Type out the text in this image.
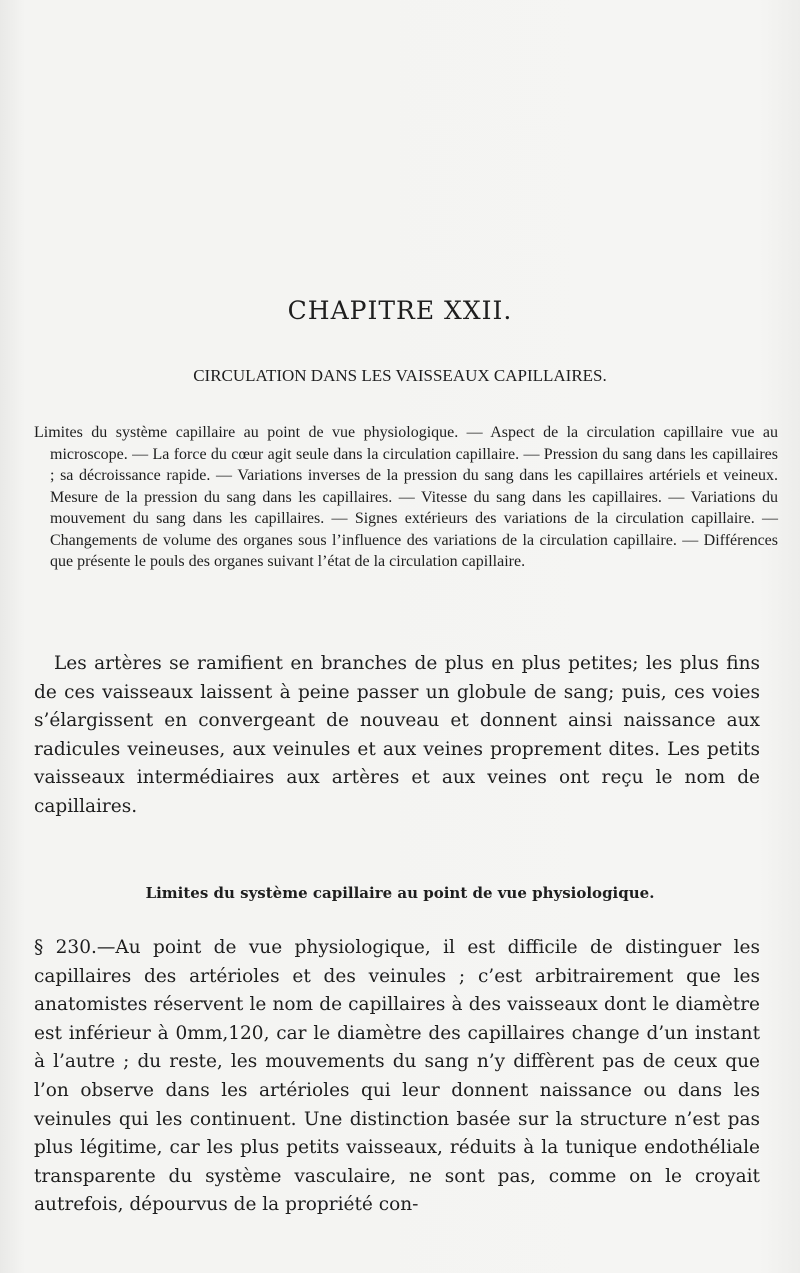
CHAPITRE XXII.
CIRCULATION DANS LES VAISSEAUX CAPILLAIRES.

Limites du système capillaire au point de vue physiologique. — Aspect de la circulation capillaire vue au microscope. — La force du cœur agit seule dans la circulation capillaire. — Pression du sang dans les capillaires ; sa décroissance rapide. — Variations inverses de la pression du sang dans les capillaires artériels et veineux. Mesure de la pression du sang dans les capillaires. — Vitesse du sang dans les capillaires. — Variations du mouvement du sang dans les capillaires. — Signes extérieurs des variations de la circulation capillaire. — Changements de volume des organes sous l’influence des variations de la circulation capillaire. — Différences que présente le pouls des organes suivant l’état de la circulation capillaire.

Les artères se ramifient en branches de plus en plus petites; les plus fins de ces vaisseaux laissent à peine passer un globule de sang; puis, ces voies s’élargissent en convergeant de nouveau et donnent ainsi naissance aux radicules veineuses, aux veinules et aux veines proprement dites. Les petits vaisseaux intermédiaires aux artères et aux veines ont reçu le nom de capillaires.

Limites du système capillaire au point de vue physiologique.

§ 230.—Au point de vue physiologique, il est difficile de distinguer les capillaires des artérioles et des veinules ; c’est arbitrairement que les anatomistes réservent le nom de capillaires à des vaisseaux dont le diamètre est inférieur à 0mm,120, car le diamètre des capillaires change d’un instant à l’autre ; du reste, les mouvements du sang n’y diffèrent pas de ceux que l’on observe dans les artérioles qui leur donnent naissance ou dans les veinules qui les continuent. Une distinction basée sur la structure n’est pas plus légitime, car les plus petits vaisseaux, réduits à la tunique endothéliale transparente du système vasculaire, ne sont pas, comme on le croyait autrefois, dépourvus de la propriété con-
